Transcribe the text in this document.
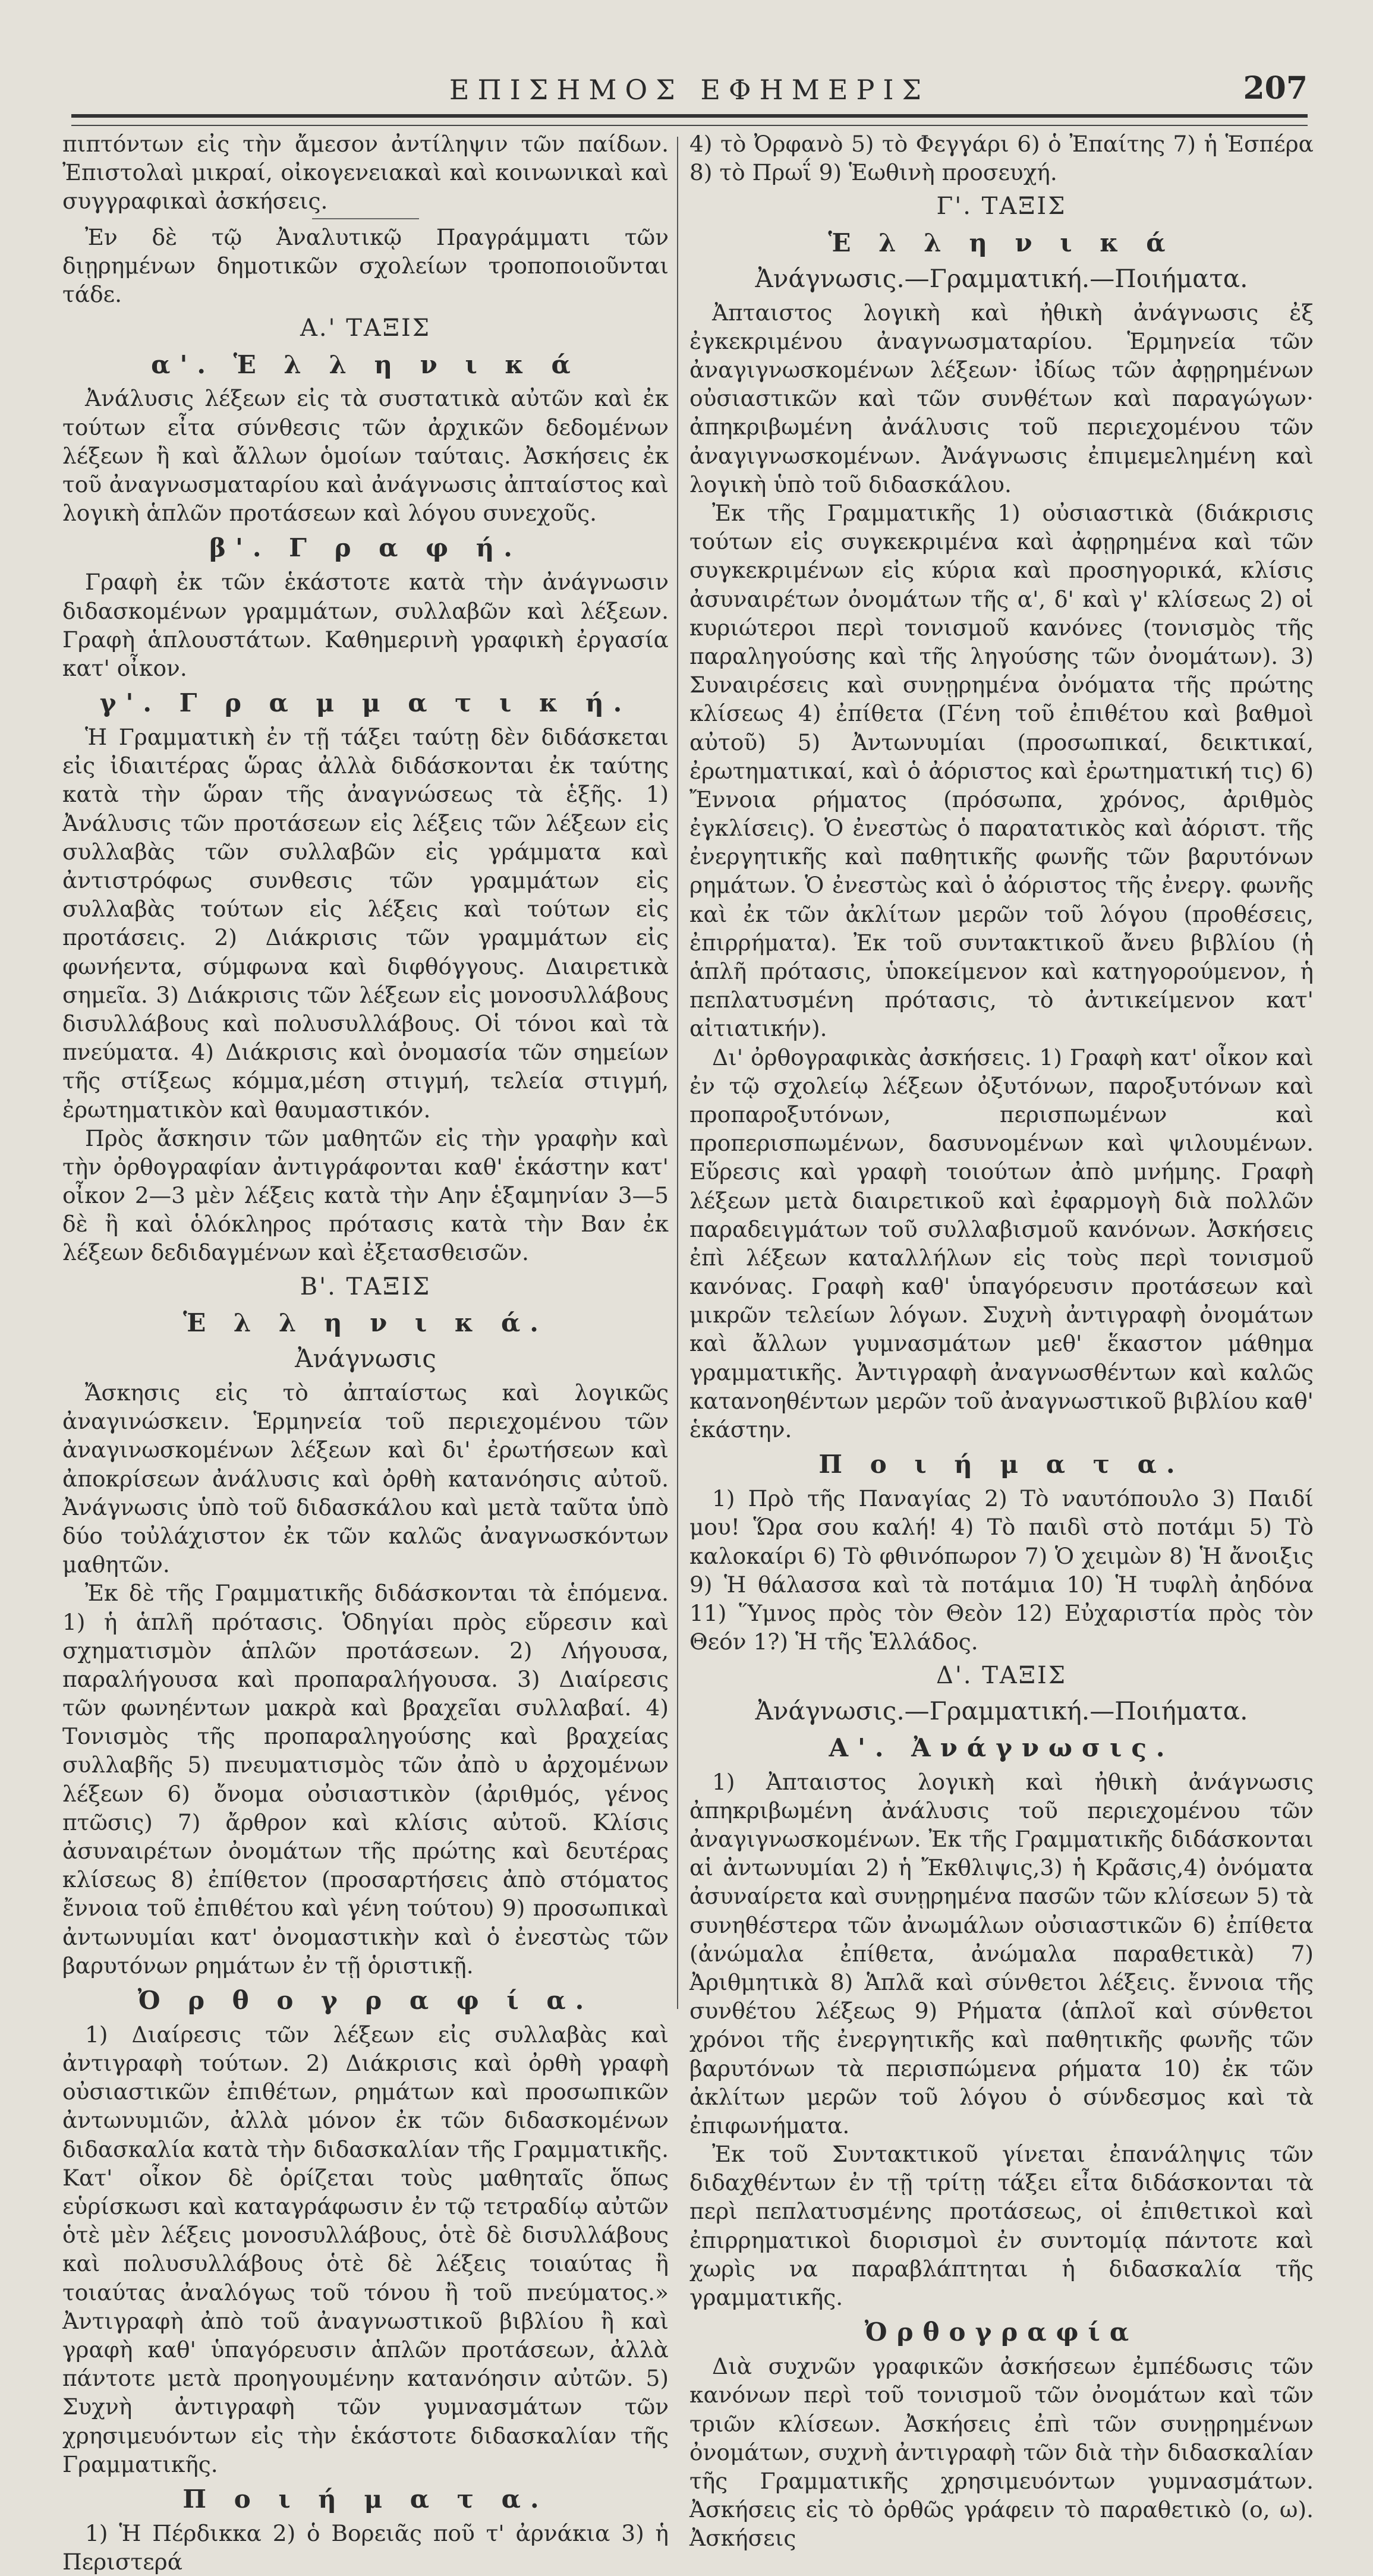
ΕΠΙΣΗΜΟΣ ΕΦΗΜΕΡΙΣ	207

πιπτόντων εἰς τὴν ἄμεσον ἀντίληψιν τῶν παίδων. Ἐπιστολαὶ μικραί, οἰκογενειακαὶ καὶ κοινωνικαὶ καὶ συγγραφικαὶ ἀσκήσεις.

Ἐν δὲ τῷ Ἀναλυτικῷ Πραγράμματι τῶν διῃρημένων δημοτικῶν σχολείων τροποποιοῦνται τάδε.

Α.' ΤΑΞΙΣ
α'. Ἑ λ λ η ν ι κ ά

Ἀνάλυσις λέξεων εἰς τὰ συστατικὰ αὐτῶν καὶ ἐκ τούτων εἶτα σύνθεσις τῶν ἀρχικῶν δεδομένων λέξεων ἢ καὶ ἄλλων ὁμοίων ταύταις. Ἀσκήσεις ἐκ τοῦ ἀναγνωσματαρίου καὶ ἀνάγνωσις ἀπταίστος καὶ λογικὴ ἁπλῶν προτάσεων καὶ λόγου συνεχοῦς.

β'. Γ ρ α φ ή.

Γραφὴ ἐκ τῶν ἑκάστοτε κατὰ τὴν ἀνάγνωσιν διδασκομένων γραμμάτων, συλλαβῶν καὶ λέξεων. Γραφὴ ἁπλουστάτων. Καθημερινὴ γραφικὴ ἐργασία κατ' οἶκον.

γ'. Γ ρ α μ μ α τ ι κ ή.

Ἡ Γραμματικὴ ἐν τῇ τάξει ταύτῃ δὲν διδάσκεται εἰς ἰδιαιτέρας ὥρας ἀλλὰ διδάσκονται ἐκ ταύτης κατὰ τὴν ὥραν τῆς ἀναγνώσεως τὰ ἑξῆς. 1) Ἀνάλυσις τῶν προτάσεων εἰς λέξεις τῶν λέξεων εἰς συλλαβὰς τῶν συλλαβῶν εἰς γράμματα καὶ ἀντιστρόφως συνθεσις τῶν γραμμάτων εἰς συλλαβὰς τούτων εἰς λέξεις καὶ τούτων εἰς προτάσεις. 2) Διάκρισις τῶν γραμμάτων εἰς φωνήεντα, σύμφωνα καὶ διφθόγγους. Διαιρετικὰ σημεῖα. 3) Διάκρισις τῶν λέξεων εἰς μονοσυλλάβους δισυλλάβους καὶ πολυσυλλάβους. Οἱ τόνοι καὶ τὰ πνεύματα. 4) Διάκρισις καὶ ὀνομασία τῶν σημείων τῆς στίξεως κόμμα,μέση στιγμή, τελεία στιγμή, ἐρωτηματικὸν καὶ θαυμαστικόν.

Πρὸς ἄσκησιν τῶν μαθητῶν εἰς τὴν γραφὴν καὶ τὴν ὀρθογραφίαν ἀντιγράφονται καθ' ἑκάστην κατ' οἶκον 2—3 μὲν λέξεις κατὰ τὴν Αην ἑξαμηνίαν 3—5 δὲ ἢ καὶ ὁλόκληρος πρότασις κατὰ τὴν Βαν ἐκ λέξεων δεδιδαγμένων καὶ ἐξετασθεισῶν.

Β'. ΤΑΞΙΣ
Ἑ λ λ η ν ι κ ά.
Ἀνάγνωσις

Ἄσκησις εἰς τὸ ἀπταίστως καὶ λογικῶς ἀναγινώσκειν. Ἑρμηνεία τοῦ περιεχομένου τῶν ἀναγινωσκομένων λέξεων καὶ δι' ἐρωτήσεων καὶ ἀποκρίσεων ἀνάλυσις καὶ ὀρθὴ κατανόησις αὐτοῦ. Ἀνάγνωσις ὑπὸ τοῦ διδασκάλου καὶ μετὰ ταῦτα ὑπὸ δύο τοὐλάχιστον ἐκ τῶν καλῶς ἀναγνωσκόντων μαθητῶν.

Ἐκ δὲ τῆς Γραμματικῆς διδάσκονται τὰ ἑπόμενα. 1) ἡ ἁπλῆ πρότασις. Ὁδηγίαι πρὸς εὕρεσιν καὶ σχηματισμὸν ἁπλῶν προτάσεων. 2) Λήγουσα, παραλήγουσα καὶ προπαραλήγουσα. 3) Διαίρεσις τῶν φωνηέντων μακρὰ καὶ βραχεῖαι συλλαβαί. 4) Τονισμὸς τῆς προπαραληγούσης καὶ βραχείας συλλαβῆς 5) πνευματισμὸς τῶν ἀπὸ υ ἀρχομένων λέξεων 6) ὄνομα οὐσιαστικὸν (ἀριθμός, γένος πτῶσις) 7) ἄρθρον καὶ κλίσις αὐτοῦ. Κλίσις ἀσυναιρέτων ὀνομάτων τῆς πρώτης καὶ δευτέρας κλίσεως 8) ἐπίθετον (προσαρτήσεις ἀπὸ στόματος ἔννοια τοῦ ἐπιθέτου καὶ γένη τούτου) 9) προσωπικαὶ ἀντωνυμίαι κατ' ὀνομαστικὴν καὶ ὁ ἐνεστὼς τῶν βαρυτόνων ρημάτων ἐν τῇ ὁριστικῇ.

Ὀ ρ θ ο γ ρ α φ ί α.

1) Διαίρεσις τῶν λέξεων εἰς συλλαβὰς καὶ ἀντιγραφὴ τούτων. 2) Διάκρισις καὶ ὀρθὴ γραφὴ οὐσιαστικῶν ἐπιθέτων, ρημάτων καὶ προσωπικῶν ἀντωνυμιῶν, ἀλλὰ μόνον ἐκ τῶν διδασκομένων διδασκαλία κατὰ τὴν διδασκαλίαν τῆς Γραμματικῆς. Κατ' οἶκον δὲ ὁρίζεται τοὺς μαθηταῖς ὅπως εὑρίσκωσι καὶ καταγράφωσιν ἐν τῷ τετραδίῳ αὐτῶν ὁτὲ μὲν λέξεις μονοσυλλάβους, ὁτὲ δὲ δισυλλάβους καὶ πολυσυλλάβους ὁτὲ δὲ λέξεις τοιαύτας ἢ τοιαύτας ἀναλόγως τοῦ τόνου ἢ τοῦ πνεύματος.» Ἀντιγραφὴ ἀπὸ τοῦ ἀναγνωστικοῦ βιβλίου ἢ καὶ γραφὴ καθ' ὑπαγόρευσιν ἁπλῶν προτάσεων, ἀλλὰ πάντοτε μετὰ προηγουμένην κατανόησιν αὐτῶν. 5) Συχνὴ ἀντιγραφὴ τῶν γυμνασμάτων τῶν χρησιμευόντων εἰς τὴν ἑκάστοτε διδασκαλίαν τῆς Γραμματικῆς.

Π ο ι ή μ α τ α.

1) Ἡ Πέρδικκα 2) ὁ Βορειᾶς ποῦ τ' ἀρνάκια 3) ἡ Περιστερά

4) τὸ Ὀρφανὸ 5) τὸ Φεγγάρι 6) ὁ Ἐπαίτης 7) ἡ Ἑσπέρα 8) τὸ Πρωΐ 9) Ἑωθινὴ προσευχή.

Γ'. ΤΑΞΙΣ
Ἑ λ λ η ν ι κ ά
Ἀνάγνωσις.—Γραμματική.—Ποιήματα.

Ἀπταιστος λογικὴ καὶ ἠθικὴ ἀνάγνωσις ἐξ ἐγκεκριμένου ἀναγνωσματαρίου. Ἑρμηνεία τῶν ἀναγιγνωσκομένων λέξεων· ἰδίως τῶν ἀφῃρημένων οὐσιαστικῶν καὶ τῶν συνθέτων καὶ παραγώγων· ἀπηκριβωμένη ἀνάλυσις τοῦ περιεχομένου τῶν ἀναγιγνωσκομένων. Ἀνάγνωσις ἐπιμεμελημένη καὶ λογικὴ ὑπὸ τοῦ διδασκάλου.

Ἐκ τῆς Γραμματικῆς 1) οὐσιαστικὰ (διάκρισις τούτων εἰς συγκεκριμένα καὶ ἀφῃρημένα καὶ τῶν συγκεκριμένων εἰς κύρια καὶ προσηγορικά, κλίσις ἀσυναιρέτων ὀνομάτων τῆς α', δ' καὶ γ' κλίσεως 2) οἱ κυριώτεροι περὶ τονισμοῦ κανόνες (τονισμὸς τῆς παραληγούσης καὶ τῆς ληγούσης τῶν ὀνομάτων). 3) Συναιρέσεις καὶ συνῃρημένα ὀνόματα τῆς πρώτης κλίσεως 4) ἐπίθετα (Γένη τοῦ ἐπιθέτου καὶ βαθμοὶ αὐτοῦ) 5) Ἀντωνυμίαι (προσωπικαί, δεικτικαί, ἐρωτηματικαί, καὶ ὁ ἀόριστος καὶ ἐρωτηματική τις) 6) Ἔννοια ρήματος (πρόσωπα, χρόνος, ἀριθμὸς ἐγκλίσεις). Ὁ ἐνεστὼς ὁ παρατατικὸς καὶ ἀόριστ. τῆς ἐνεργητικῆς καὶ παθητικῆς φωνῆς τῶν βαρυτόνων ρημάτων. Ὁ ἐνεστὼς καὶ ὁ ἀόριστος τῆς ἐνεργ. φωνῆς καὶ ἐκ τῶν ἀκλίτων μερῶν τοῦ λόγου (προθέσεις, ἐπιρρήματα). Ἐκ τοῦ συντακτικοῦ ἄνευ βιβλίου (ἡ ἁπλῆ πρότασις, ὑποκείμενον καὶ κατηγορούμενον, ἡ πεπλατυσμένη πρότασις, τὸ ἀντικείμενον κατ' αἰτιατικήν).

Δι' ὀρθογραφικὰς ἀσκήσεις. 1) Γραφὴ κατ' οἶκον καὶ ἐν τῷ σχολείῳ λέξεων ὀξυτόνων, παροξυτόνων καὶ προπαροξυτόνων, περισπωμένων καὶ προπερισπωμένων, δασυνομένων καὶ ψιλουμένων. Εὕρεσις καὶ γραφὴ τοιούτων ἀπὸ μνήμης. Γραφὴ λέξεων μετὰ διαιρετικοῦ καὶ ἐφαρμογὴ διὰ πολλῶν παραδειγμάτων τοῦ συλλαβισμοῦ κανόνων. Ἀσκήσεις ἐπὶ λέξεων καταλλήλων εἰς τοὺς περὶ τονισμοῦ κανόνας. Γραφὴ καθ' ὑπαγόρευσιν προτάσεων καὶ μικρῶν τελείων λόγων. Συχνὴ ἀντιγραφὴ ὀνομάτων καὶ ἄλλων γυμνασμάτων μεθ' ἕκαστον μάθημα γραμματικῆς. Ἀντιγραφὴ ἀναγνωσθέντων καὶ καλῶς κατανοηθέντων μερῶν τοῦ ἀναγνωστικοῦ βιβλίου καθ' ἑκάστην.

Π ο ι ή μ α τ α.

1) Πρὸ τῆς Παναγίας 2) Τὸ ναυτόπουλο 3) Παιδί μου! Ὥρα σου καλή! 4) Τὸ παιδὶ στὸ ποτάμι 5) Τὸ καλοκαίρι 6) Τὸ φθινόπωρον 7) Ὁ χειμὼν 8) Ἡ ἄνοιξις 9) Ἡ θάλασσα καὶ τὰ ποτάμια 10) Ἡ τυφλὴ ἀηδόνα 11) Ὕμνος πρὸς τὸν Θεὸν 12) Εὐχαριστία πρὸς τὸν Θεόν 1?) Ἡ τῆς Ἑλλάδος.

Δ'. ΤΑΞΙΣ
Ἀνάγνωσις.—Γραμματική.—Ποιήματα.
Α'. Ἀνάγνωσις.

1) Ἀπταιστος λογικὴ καὶ ἠθικὴ ἀνάγνωσις ἀπηκριβωμένη ἀνάλυσις τοῦ περιεχομένου τῶν ἀναγιγνωσκομένων. Ἐκ τῆς Γραμματικῆς διδάσκονται αἱ ἀντωνυμίαι 2) ἡ Ἔκθλιψις,3) ἡ Κρᾶσις,4) ὀνόματα ἀσυναίρετα καὶ συνῃρημένα πασῶν τῶν κλίσεων 5) τὰ συνηθέστερα τῶν ἀνωμάλων οὐσιαστικῶν 6) ἐπίθετα (ἀνώμαλα ἐπίθετα, ἀνώμαλα παραθετικὰ) 7) Ἀριθμητικὰ 8) Ἁπλᾶ καὶ σύνθετοι λέξεις. ἔννοια τῆς συνθέτου λέξεως 9) Ρήματα (ἁπλοῖ καὶ σύνθετοι χρόνοι τῆς ἐνεργητικῆς καὶ παθητικῆς φωνῆς τῶν βαρυτόνων τὰ περισπώμενα ρήματα 10) ἐκ τῶν ἀκλίτων μερῶν τοῦ λόγου ὁ σύνδεσμος καὶ τὰ ἐπιφωνήματα.

Ἐκ τοῦ Συντακτικοῦ γίνεται ἐπανάληψις τῶν διδαχθέντων ἐν τῇ τρίτῃ τάξει εἶτα διδάσκονται τὰ περὶ πεπλατυσμένης προτάσεως, οἱ ἐπιθετικοὶ καὶ ἐπιρρηματικοὶ διορισμοὶ ἐν συντομίᾳ πάντοτε καὶ χωρὶς να παραβλάπτηται ἡ διδασκαλία τῆς γραμματικῆς.

Ὀρθογραφία

Διὰ συχνῶν γραφικῶν ἀσκήσεων ἐμπέδωσις τῶν κανόνων περὶ τοῦ τονισμοῦ τῶν ὀνομάτων καὶ τῶν τριῶν κλίσεων. Ἀσκήσεις ἐπὶ τῶν συνῃρημένων ὀνομάτων, συχνὴ ἀντιγραφὴ τῶν διὰ τὴν διδασκαλίαν τῆς Γραμματικῆς χρησιμευόντων γυμνασμάτων. Ἀσκήσεις εἰς τὸ ὀρθῶς γράφειν τὸ παραθετικὸ (ο, ω). Ἀσκήσεις
